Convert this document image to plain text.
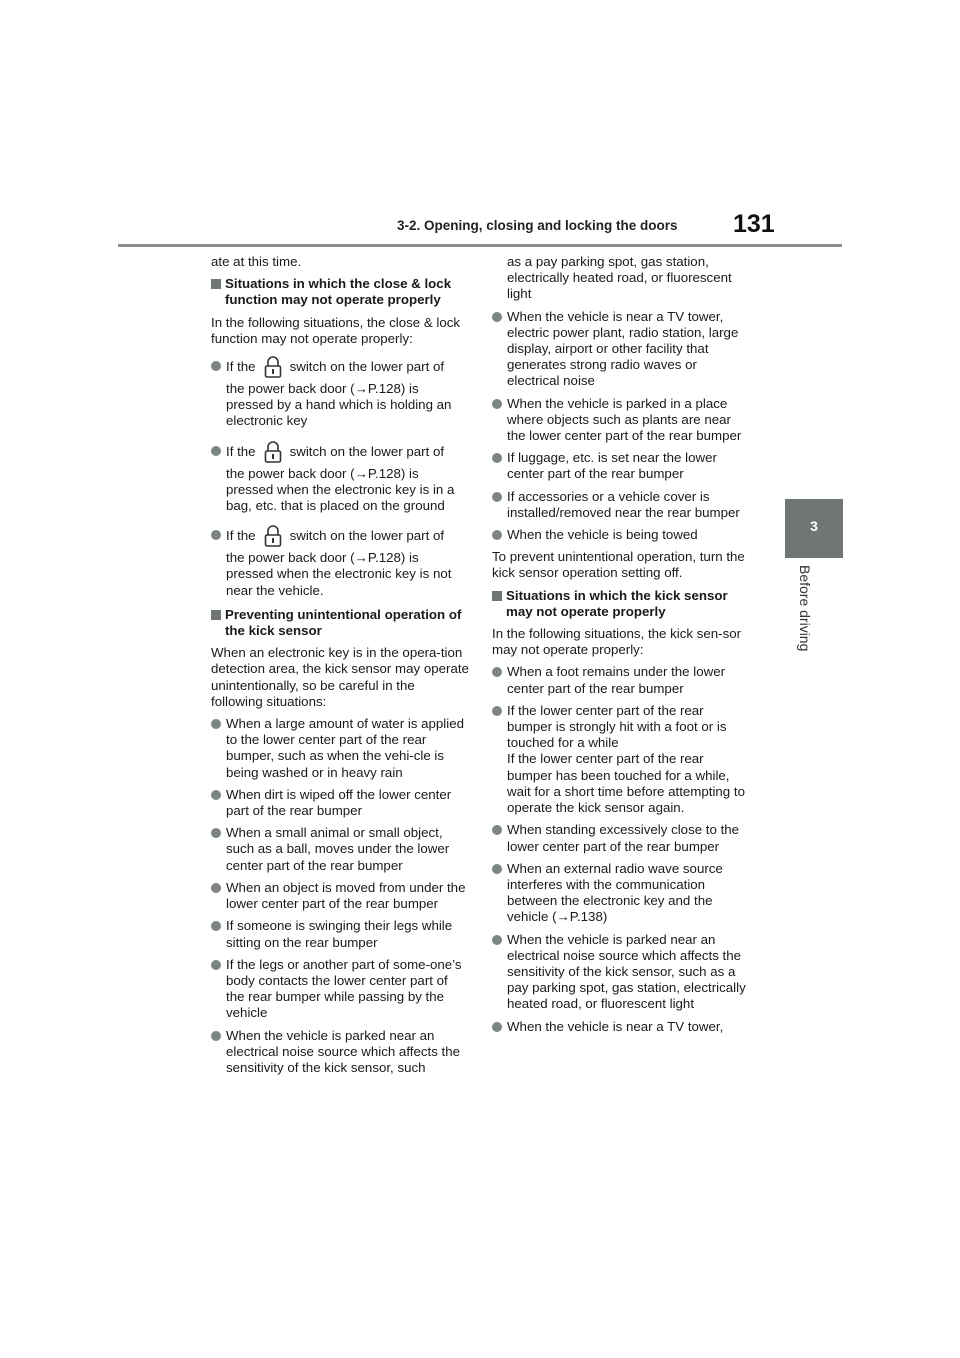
3-2. Opening, closing and locking the doors 131
3
Before driving

ate at this time.

Situations in which the close & lock function may not operate properly

In the following situations, the close & lock function may not operate properly:

If the	switch on the lower part of
the power back door (→P.128) is pressed by a hand which is holding an electronic key
If the	switch on the lower part of
the power back door (→P.128) is pressed when the electronic key is in a bag, etc. that is placed on the ground
If the	switch on the lower part of
the power back door (→P.128) is pressed when the electronic key is not near the vehicle.
Preventing unintentional operation of the kick sensor

When an electronic key is in the opera-tion detection area, the kick sensor may operate unintentionally, so be careful in the following situations:

When a large amount of water is applied to the lower center part of the rear bumper, such as when the vehi-cle is being washed or in heavy rain
When dirt is wiped off the lower center part of the rear bumper
When a small animal or small object, such as a ball, moves under the lower center part of the rear bumper
When an object is moved from under the lower center part of the rear bumper
If someone is swinging their legs while sitting on the rear bumper
If the legs or another part of some-one’s body contacts the lower center part of the rear bumper while passing by the vehicle
When the vehicle is parked near an electrical noise source which affects the sensitivity of the kick sensor, such
as a pay parking spot, gas station, electrically heated road, or fluorescent light
When the vehicle is near a TV tower, electric power plant, radio station, large display, airport or other facility that generates strong radio waves or electrical noise
When the vehicle is parked in a place where objects such as plants are near the lower center part of the rear bumper
If luggage, etc. is set near the lower center part of the rear bumper
If accessories or a vehicle cover is installed/removed near the rear bumper
When the vehicle is being towed

To prevent unintentional operation, turn the kick sensor operation setting off.

Situations in which the kick sensor may not operate properly

In the following situations, the kick sen-sor may not operate properly:

When a foot remains under the lower center part of the rear bumper
If the lower center part of the rear bumper is strongly hit with a foot or is touched for a while
If the lower center part of the rear bumper has been touched for a while, wait for a short time before attempting to operate the kick sensor again.
When standing excessively close to the lower center part of the rear bumper
When an external radio wave source interferes with the communication between the electronic key and the vehicle (→P.138)
When the vehicle is parked near an electrical noise source which affects the sensitivity of the kick sensor, such as a pay parking spot, gas station, electrically heated road, or fluorescent light
When the vehicle is near a TV tower,
